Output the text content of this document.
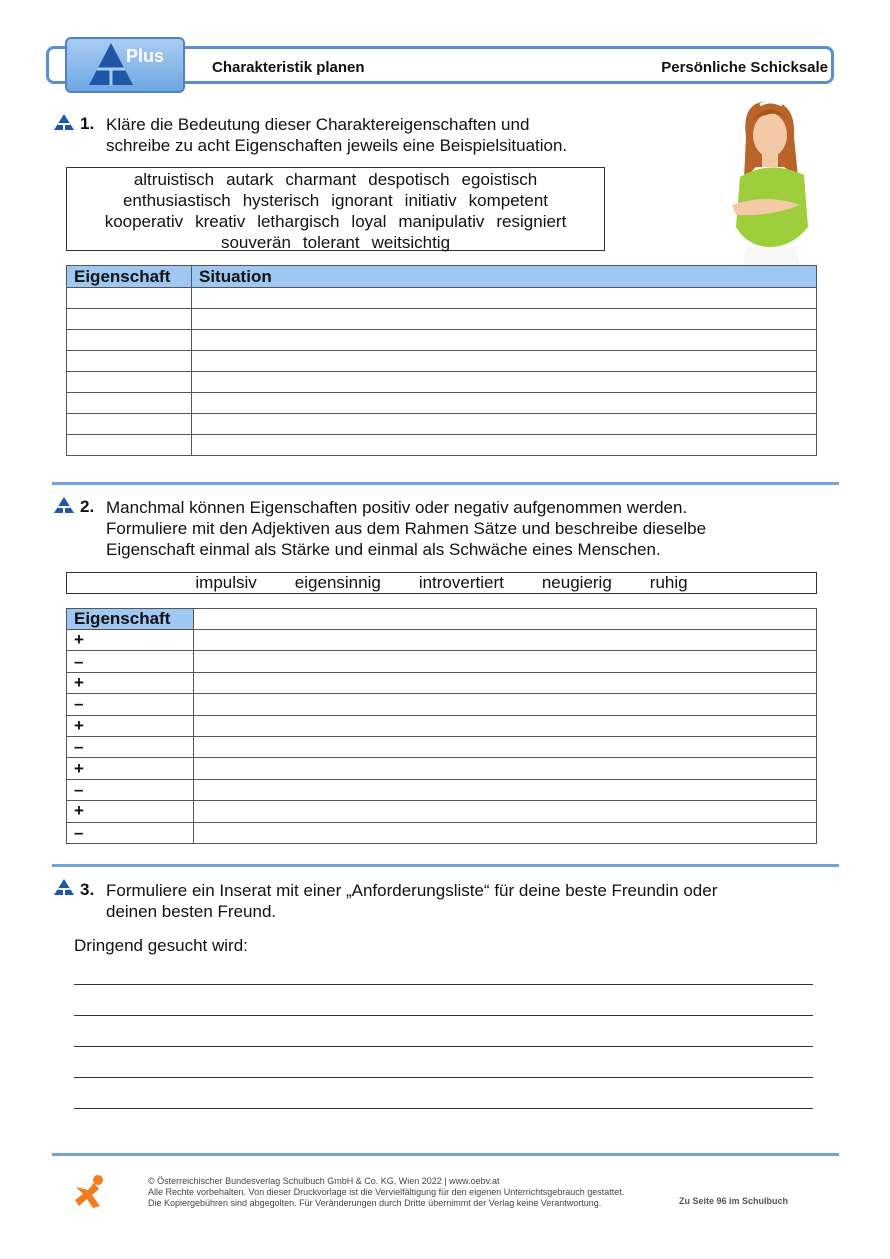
Plus
Charakteristik planen	Persönliche Schicksale
1. Kläre die Bedeutung dieser Charaktereigenschaften und
schreibe zu acht Eigenschaften jeweils eine Beispielsituation.
altruistisch autark charmant despotisch egoistisch
enthusiastisch hysterisch ignorant initiativ kompetent
kooperativ kreativ lethargisch loyal manipulativ resigniert
souverän tolerant weitsichtig
Eigenschaft	Situation

2. Manchmal können Eigenschaften positiv oder negativ aufgenommen werden.
Formuliere mit den Adjektiven aus dem Rahmen Sätze und beschreibe dieselbe
Eigenschaft einmal als Stärke und einmal als Schwäche eines Menschen.
impulsiv eigensinnig introvertiert neugierig ruhig
Eigenschaft	
+	
–	
+	
–	
+	
–	
+	
–	
+	
–	
3. Formuliere ein Inserat mit einer „Anforderungsliste“ für deine beste Freundin oder
deinen besten Freund.
Dringend gesucht wird:
© Österreichischer Bundesverlag Schulbuch GmbH & Co. KG, Wien 2022 | www.oebv.at
Alle Rechte vorbehalten. Von dieser Druckvorlage ist die Vervielfältigung für den eigenen Unterrichtsgebrauch gestattet.
Die Kopiergebühren sind abgegolten. Für Veränderungen durch Dritte übernimmt der Verlag keine Verantwortung.	Zu Seite 96 im Schulbuch
